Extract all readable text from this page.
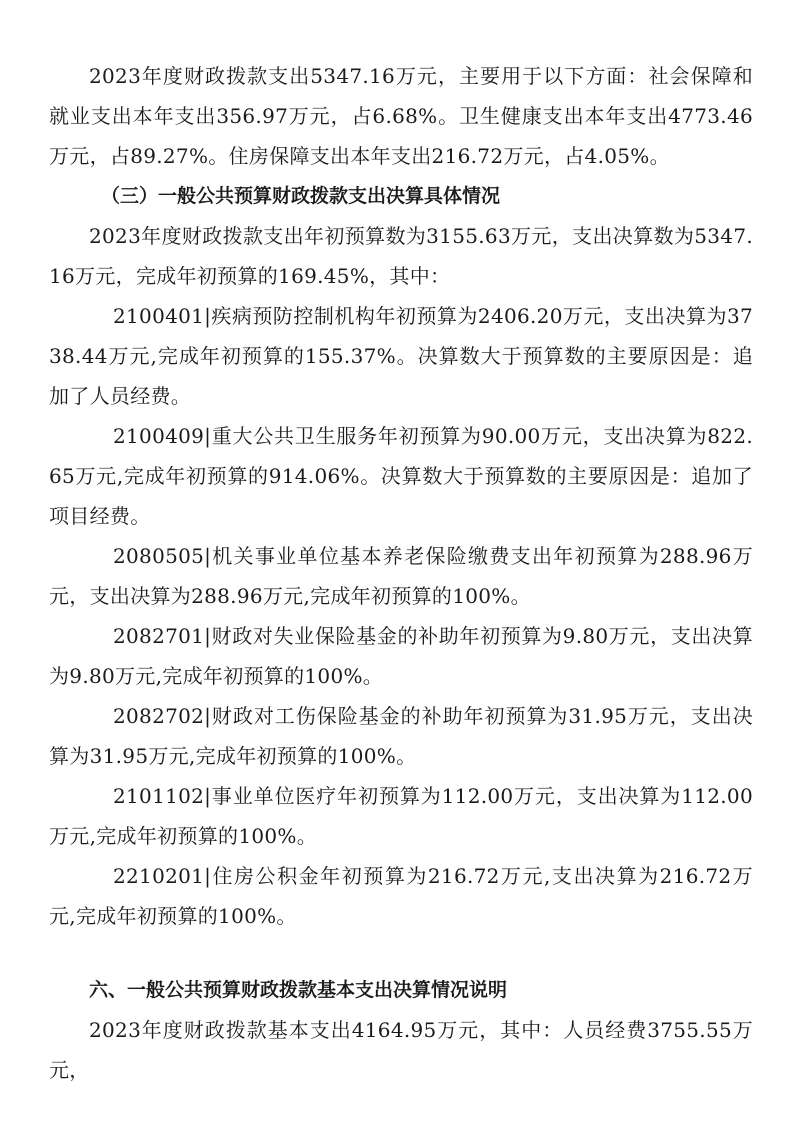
2023年度财政拨款支出5347.16万元，主要用于以下方面：社会保障和就业支出本年支出356.97万元，占6.68%。卫生健康支出本年支出4773.46万元，占89.27%。住房保障支出本年支出216.72万元，占4.05%。

（三）一般公共预算财政拨款支出决算具体情况

2023年度财政拨款支出年初预算数为3155.63万元，支出决算数为5347.16万元，完成年初预算的169.45%，其中：

2100401|疾病预防控制机构年初预算为2406.20万元，支出决算为3738.44万元,完成年初预算的155.37%。决算数大于预算数的主要原因是：追加了人员经费。

2100409|重大公共卫生服务年初预算为90.00万元，支出决算为822.65万元,完成年初预算的914.06%。决算数大于预算数的主要原因是：追加了项目经费。

2080505|机关事业单位基本养老保险缴费支出年初预算为288.96万元，支出决算为288.96万元,完成年初预算的100%。

2082701|财政对失业保险基金的补助年初预算为9.80万元，支出决算为9.80万元,完成年初预算的100%。

2082702|财政对工伤保险基金的补助年初预算为31.95万元，支出决算为31.95万元,完成年初预算的100%。

2101102|事业单位医疗年初预算为112.00万元，支出决算为112.00万元,完成年初预算的100%。

2210201|住房公积金年初预算为216.72万元,支出决算为216.72万元,完成年初预算的100%。

六、一般公共预算财政拨款基本支出决算情况说明

2023年度财政拨款基本支出4164.95万元，其中：人员经费3755.55万元，
